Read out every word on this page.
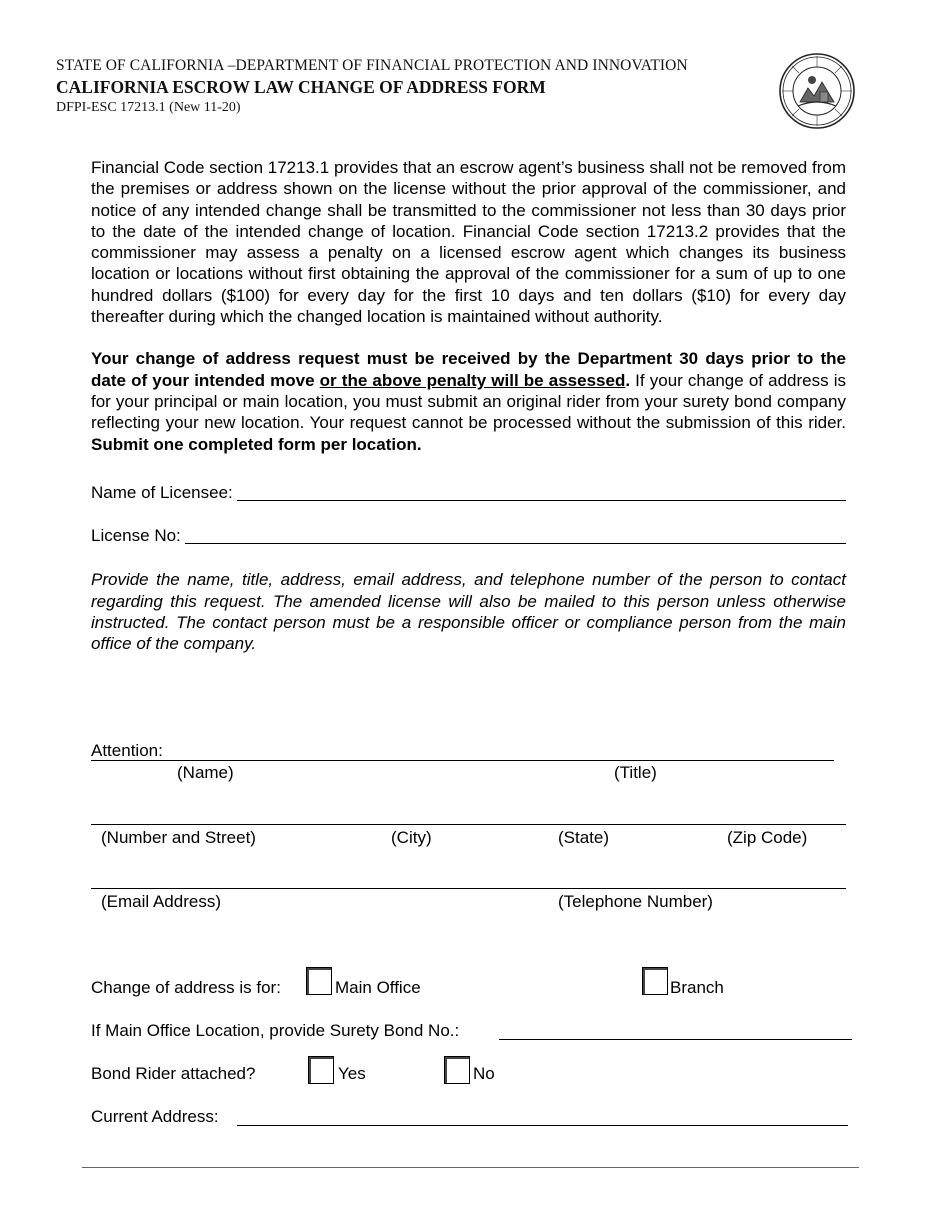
STATE OF CALIFORNIA –DEPARTMENT OF FINANCIAL PROTECTION AND INNOVATION
CALIFORNIA ESCROW LAW CHANGE OF ADDRESS FORM
DFPI-ESC 17213.1 (New 11-20)

Financial Code section 17213.1 provides that an escrow agent’s business shall not be removed from the premises or address shown on the license without the prior approval of the commissioner, and notice of any intended change shall be transmitted to the commissioner not less than 30 days prior to the date of the intended change of location. Financial Code section 17213.2 provides that the commissioner may assess a penalty on a licensed escrow agent which changes its business location or locations without first obtaining the approval of the commissioner for a sum of up to one hundred dollars ($100) for every day for the first 10 days and ten dollars ($10) for every day thereafter during which the changed location is maintained without authority.

Your change of address request must be received by the Department 30 days prior to the date of your intended move or the above penalty will be assessed. If your change of address is for your principal or main location, you must submit an original rider from your surety bond company reflecting your new location. Your request cannot be processed without the submission of this rider. Submit one completed form per location.

Name of Licensee:
License No:

Provide the name, title, address, email address, and telephone number of the person to contact regarding this request. The amended license will also be mailed to this person unless otherwise instructed. The contact person must be a responsible officer or compliance person from the main office of the company.

Attention:
(Name)	(Title)
(Number and Street)	(City)	(State)	(Zip Code)
(Email Address)	(Telephone Number)
Change of address is for:	Main Office	Branch
If Main Office Location, provide Surety Bond No.:
Bond Rider attached?	Yes	No
Current Address:
